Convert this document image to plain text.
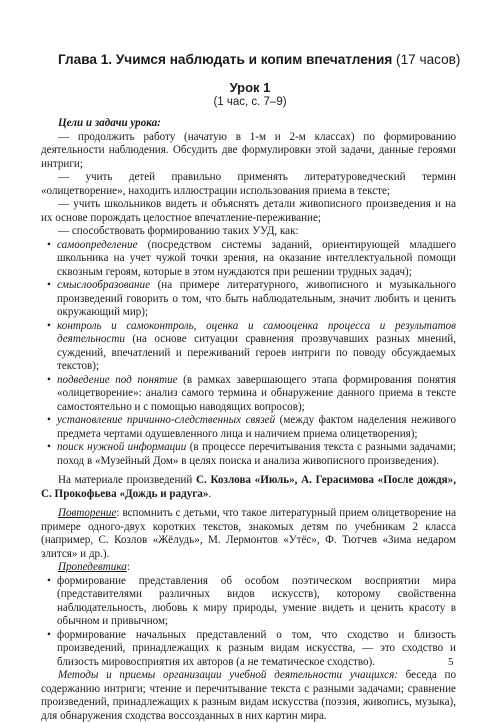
Глава 1. Учимся наблюдать и копим впечатления (17 часов)
Урок 1
(1 час, с. 7–9)

Цели и задачи урока:

— продолжить работу (начатую в 1-м и 2-м классах) по формированию деятельности наблюдения. Обсудить две формулировки этой задачи, данные героями интриги;

— учить детей правильно применять литературоведческий термин «олицетворение», находить иллюстрации использования приема в тексте;

— учить школьников видеть и объяснять детали живописного произведения и на их основе порождать целостное впечатление-переживание;

— способствовать формированию таких УУД, как:

• самоопределение (посредством системы заданий, ориентирующей младшего школьника на учет чужой точки зрения, на оказание интеллектуальной помощи сквозным героям, которые в этом нуждаются при решении трудных задач);

• смыслообразование (на примере литературного, живописного и музыкального произведений говорить о том, что быть наблюдательным, значит любить и ценить окружающий мир);

• контроль и самоконтроль, оценка и самооценка процесса и результатов деятельности (на основе ситуации сравнения прозвучавших разных мнений, суждений, впечатлений и переживаний героев интриги по поводу обсуждаемых текстов);

• подведение под понятие (в рамках завершающего этапа формирования понятия «олицетворение»: анализ самого термина и обнаружение данного приема в тексте самостоятельно и с помощью наводящих вопросов);

• установление причинно-следственных связей (между фактом наделения неживого предмета чертами одушевленного лица и наличием приема олицетворения);

• поиск нужной информации (в процессе перечитывания текста с разными задачами; поход в «Музейный Дом» в целях поиска и анализа живописного произведения).

На материале произведений С. Козлова «Июль», А. Герасимова «После дождя», С. Прокофьева «Дождь и радуга».

Повторение: вспомнить с детьми, что такое литературный прием олицетворение на примере одного-двух коротких текстов, знакомых детям по учебникам 2 класса (например, С. Козлов «Жёлудь», М. Лермонтов «Утёс», Ф. Тютчев «Зима недаром злится» и др.).

Пропедевтика:

• формирование представления об особом поэтическом восприятии мира (представителями различных видов искусств), которому свойственна наблюдательность, любовь к миру природы, умение видеть и ценить красоту в обычном и привычном;

• формирование начальных представлений о том, что сходство и близость произведений, принадлежащих к разным видам искусства, — это сходство и близость мировосприятия их авторов (а не тематическое сходство).

Методы и приемы организации учебной деятельности учащихся: беседа по содержанию интриги; чтение и перечитывание текста с разными задачами; сравнение произведений, принадлежащих к разным видам искусства (поэзия, живопись, музыка), для обнаружения сходства воссозданных в них картин мира.

5
